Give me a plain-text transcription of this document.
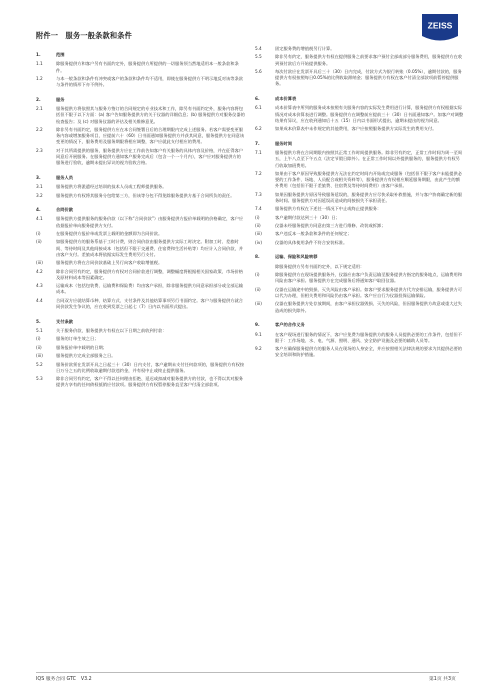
附件一　服务一般条款和条件
ZEISS
1.	范围
1.1	除服务提供方和客户另有书面约定外，服务提供方所提供的一切服务须当然地适用本一般条款和条件。
1.2	与本一般条款和条件有冲突或客户的条款和条件均不适用，即使在服务提供方不明示地反对该等条款与条件的情形下亦不例外。
2.	服务
2.1	服务提供方将依照其与服务方签订的合同规定的专业技术和工作，除另有书面约定外，服务内容将包括但不限于以下方面：(a) 客户告知服务提供方的关于仪器的详细信息；(b) 服务提供方对服务仪器的检查报告；及 (c) 对服务仪器的评估及相关维修意见。
2.2	除非另有书面约定，服务提供方应在本合同签署日后的合理期限内完成上述服务。若客户需要变更服务内容或增加服务项目，应提前六十（60）日书面通知服务提供方并获其同意，服务提供方在同意该变更的情况下，服务费用及服务期限将相应调整，客户应就此支付相应的费用。
2.3	对于其所需提供的服务，服务提供方应在工作前告知客户有关服务的具体内容及价格，并在征得客户同意后开展服务。在服务提供方通知客户服务完成后（包含一个一个月内），客户应对服务提供方的服务进行验收，逾期未提出异议的视为验收合格。
3.	服务人员
3.1	服务提供方将派遣经过培训的技术人员或工程师提供服务。
3.2	服务提供方有权将其服务分包给第三方，但该等分包不得免除服务提供方基于合同所负的责任。
4.	合同价款
4.1	服务提供方提供服务的服务价款（以下称“合同价款”）由服务提供方报价单载明的价格确定，客户应依据报价单向服务提供方支付。
(i)	在服务提供方报价单或发票上载明的金额即为合同价款。
(ii)	如服务提供方的服务系基于工时计费，则合同价款由服务提供方实际工时决定。附加工时、差旅时间、等待时间及其他间接成本（包括但不限于交通费、住宿费和生活补贴等）均应计入合同价款，并由客户支付。差旅成本将依据实际发生费用另行支付。
(iii)	服务提供方将在合同价款基础上另行向客户收取增值税。
4.2	除非合同另有约定，服务提供方有权对合同价款进行调整，调整幅度将根据相关国家政策、市场价格及原材料成本等因素确定。
4.3	运输成本（包括包装费、运输费和保险费）均由客户承担，除非服务提供方同意承担部分或全部运输成本。
4.4	合同双方应就结算币种、结算方式、支付条件及其他结算事项另行书面约定。客户与服务提供方就合同价款发生争议的，应在收到发票之日起七（7）日内以书面形式提出。
5.	支付条款
5.1	关于服务价款，服务提供方有权在以下日期之前收到付款：
(i)	服务的订单生效之日；
(ii)	服务报价单中载明的日期；
(iii)	服务提供方完成全部服务之日。
5.2	服务价款须在发票开具之日起三十（30）日内支付，客户逾期未支付任何款项的，服务提供方有权按日万分之五的比例收取逾期付款违约金，并有权中止或终止提供服务。
5.3	除非合同另有约定，客户不得以任何理由拒绝、延迟或扣减对服务提供方的付款，也不得以其对服务提供方享有的任何债权抵销应付款项。服务提供方有权暂停服务直至客户付清全部款项。
5.4	固定服务费的增值税另行计算。
5.5	除非另有约定，服务提供方有权在提供服务之前要求客户预付全部或部分服务费用，服务提供方在收到预付款后方开始提供服务。
5.6	每次付款应在发票开具后三十（30）日内完成，付款方式为银行转账（0.05%），逾期付款的，服务提供方有权按照每日0.05%的比例收取滞纳金；服务提供方有权在客户付清全部款项前暂停提供服务。
6.	成本价算表
6.1	成本价算表中所列的服务成本按照有关服务内容的实际发生费用进行计算，服务提供方有权根据实际情况对成本价算表进行调整。服务提供方在调整前应提前三十（30）日书面通知客户。如客户对调整结果有异议，应在收到通知后十五（15）日内以书面形式提出，逾期未提出的视为同意。
6.2	如果成本价算表中未作规定的其他费用，客户应按照服务提供方实际发生的费用支付。
7.	服务时间
7.1	服务提供方将在合同期限内按照其正常工作时间提供服务。除非另有约定，正常工作时间为周一至周五，上午八点至下午五点（法定节假日除外）。在正常工作时间以外提供服务的，服务提供方有权另行收取加班费用。
7.2	如果由于客户原因导致服务提供方无法在约定时间内开始或完成服务（包括但不限于客户未能提供必要的工作条件、场地、人员配合或相关资料等），服务提供方有权相应顺延服务期限，由此产生的额外费用（包括但不限于差旅费、住宿费及等待时间费用）由客户承担。
7.3	如果因服务提供方原因导致服务延误的，服务提供方应尽快采取补救措施，并与客户协商确定新的服务时间。服务提供方对因延误而造成的间接损失不承担责任。
7.4	服务提供方有权在下述任一情况下中止或终止提供服务：
(i)	客户逾期付款达到三十（30）日；
(ii)	仪器未经服务提供方同意由第三方进行维修、改装或拆卸；
(iii)	客户违反本一般条款和条件的任何规定；
(iv)	仪器的具体使用条件不符合安装标准。
8.	运输、保险和风险转移
除服务提供方另有书面约定外，以下规定适用：
(i)	除服务提供方在现场提供服务外，仪器应由客户负责运输至服务提供方指定的服务地点，运输费用和风险由客户承担。服务提供方在完成服务后将通知客户取回仪器。
(ii)	仪器在运输途中的毁损、灭失风险由客户承担。如客户要求服务提供方代为安排运输，服务提供方可以代为办理，但相关费用和风险仍由客户承担。客户应自行为仪器投保运输保险。
(iii)	仪器在服务提供方处存放期间，由客户承担仪器毁损、灭失的风险，但因服务提供方故意或重大过失造成的损失除外。
9.	客户的合作义务
9.1	在客户现场进行服务的情况下，客户应免费为服务提供方的服务人员提供必要的工作条件，包括但不限于：工作场地、水、电、气源、照明、通风、安全防护设施及必要的辅助人员等。
9.2	客户应确保服务提供方的服务人员在现场的人身安全，并应按照相关法律法规的要求为其提供必要的安全培训和防护措施。
IQS 服务合同 GTC　V3.2	第1页 共3页
